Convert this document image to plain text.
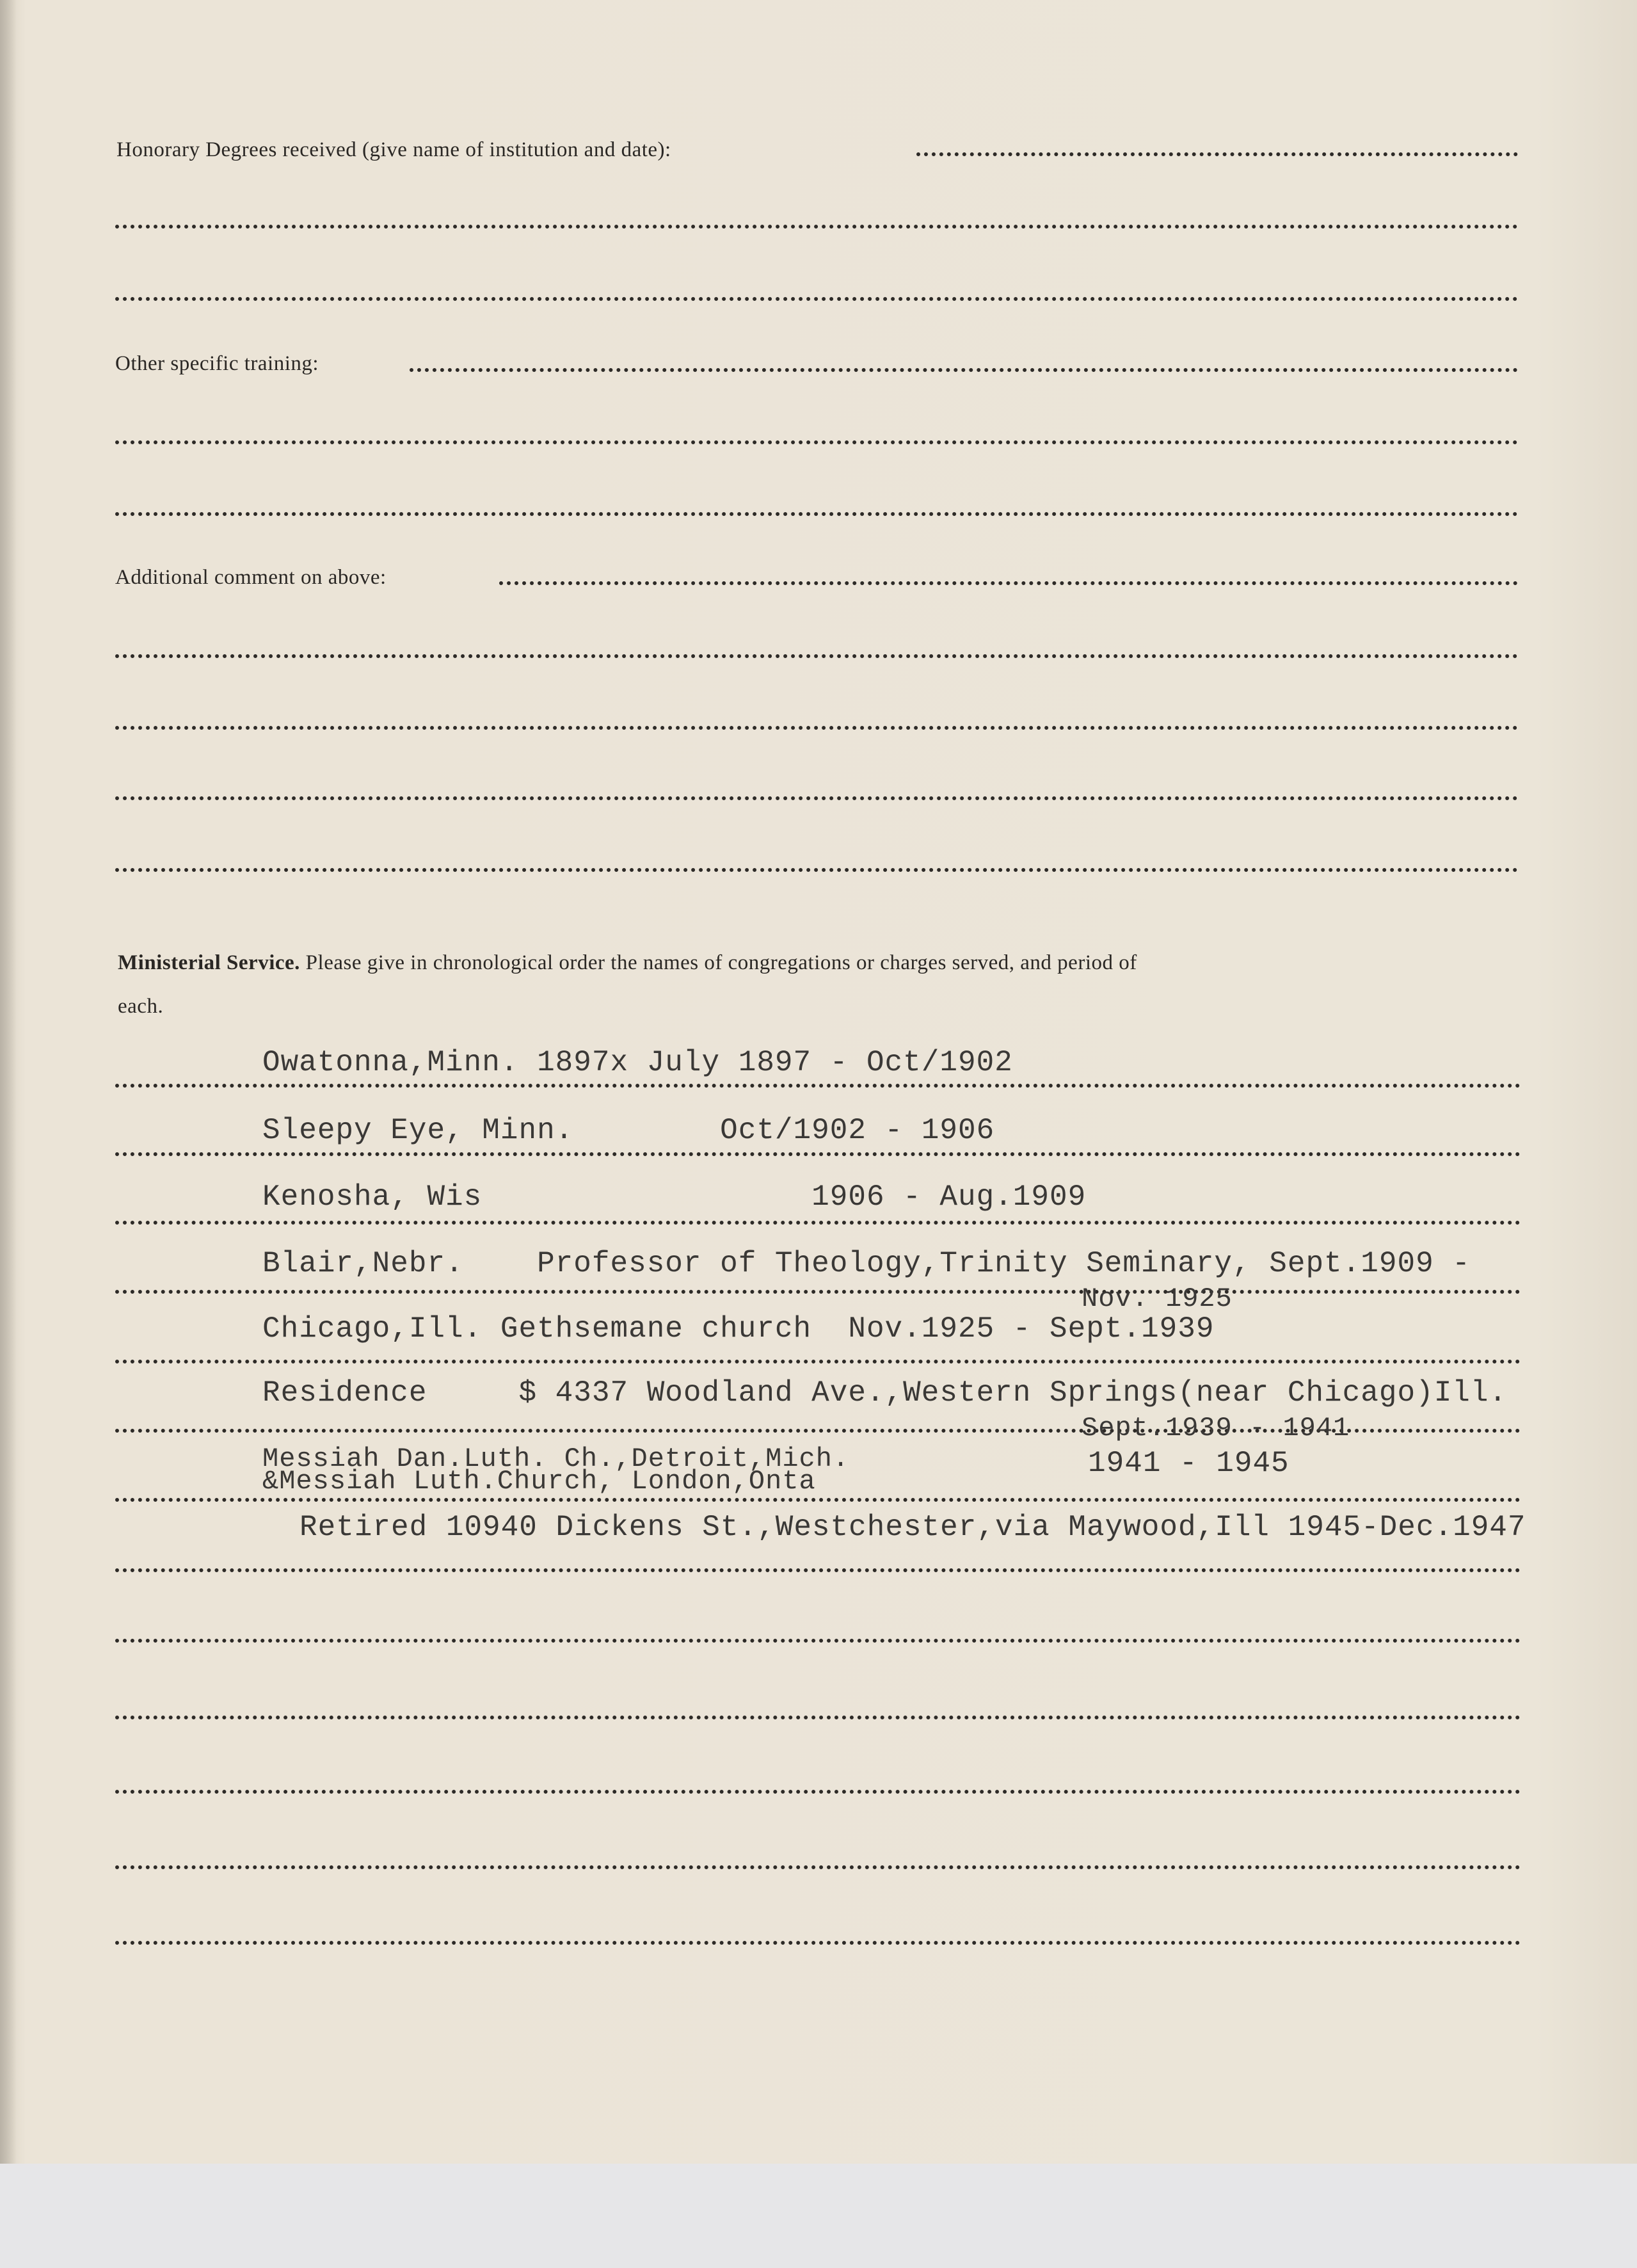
Honorary Degrees received (give name of institution and date):
Other specific training:
Additional comment on above:
Ministerial Service. Please give in chronological order the names of congregations or charges served, and period of
each.
Owatonna,Minn. 1897x July 1897 - Oct/1902
Sleepy Eye, Minn.        Oct/1902 - 1906
Kenosha, Wis                  1906 - Aug.1909
Blair,Nebr.    Professor of Theology,Trinity Seminary, Sept.1909 -
Nov. 1925
Chicago,Ill. Gethsemane church  Nov.1925 - Sept.1939
Residence     $ 4337 Woodland Ave.,Western Springs(near Chicago)Ill.
Sept.1939 - 1941
Messiah Dan.Luth. Ch.,Detroit,Mich.
&Messiah Luth.Church, London,Onta
1941 - 1945
Retired 10940 Dickens St.,Westchester,via Maywood,Ill 1945-Dec.1947
